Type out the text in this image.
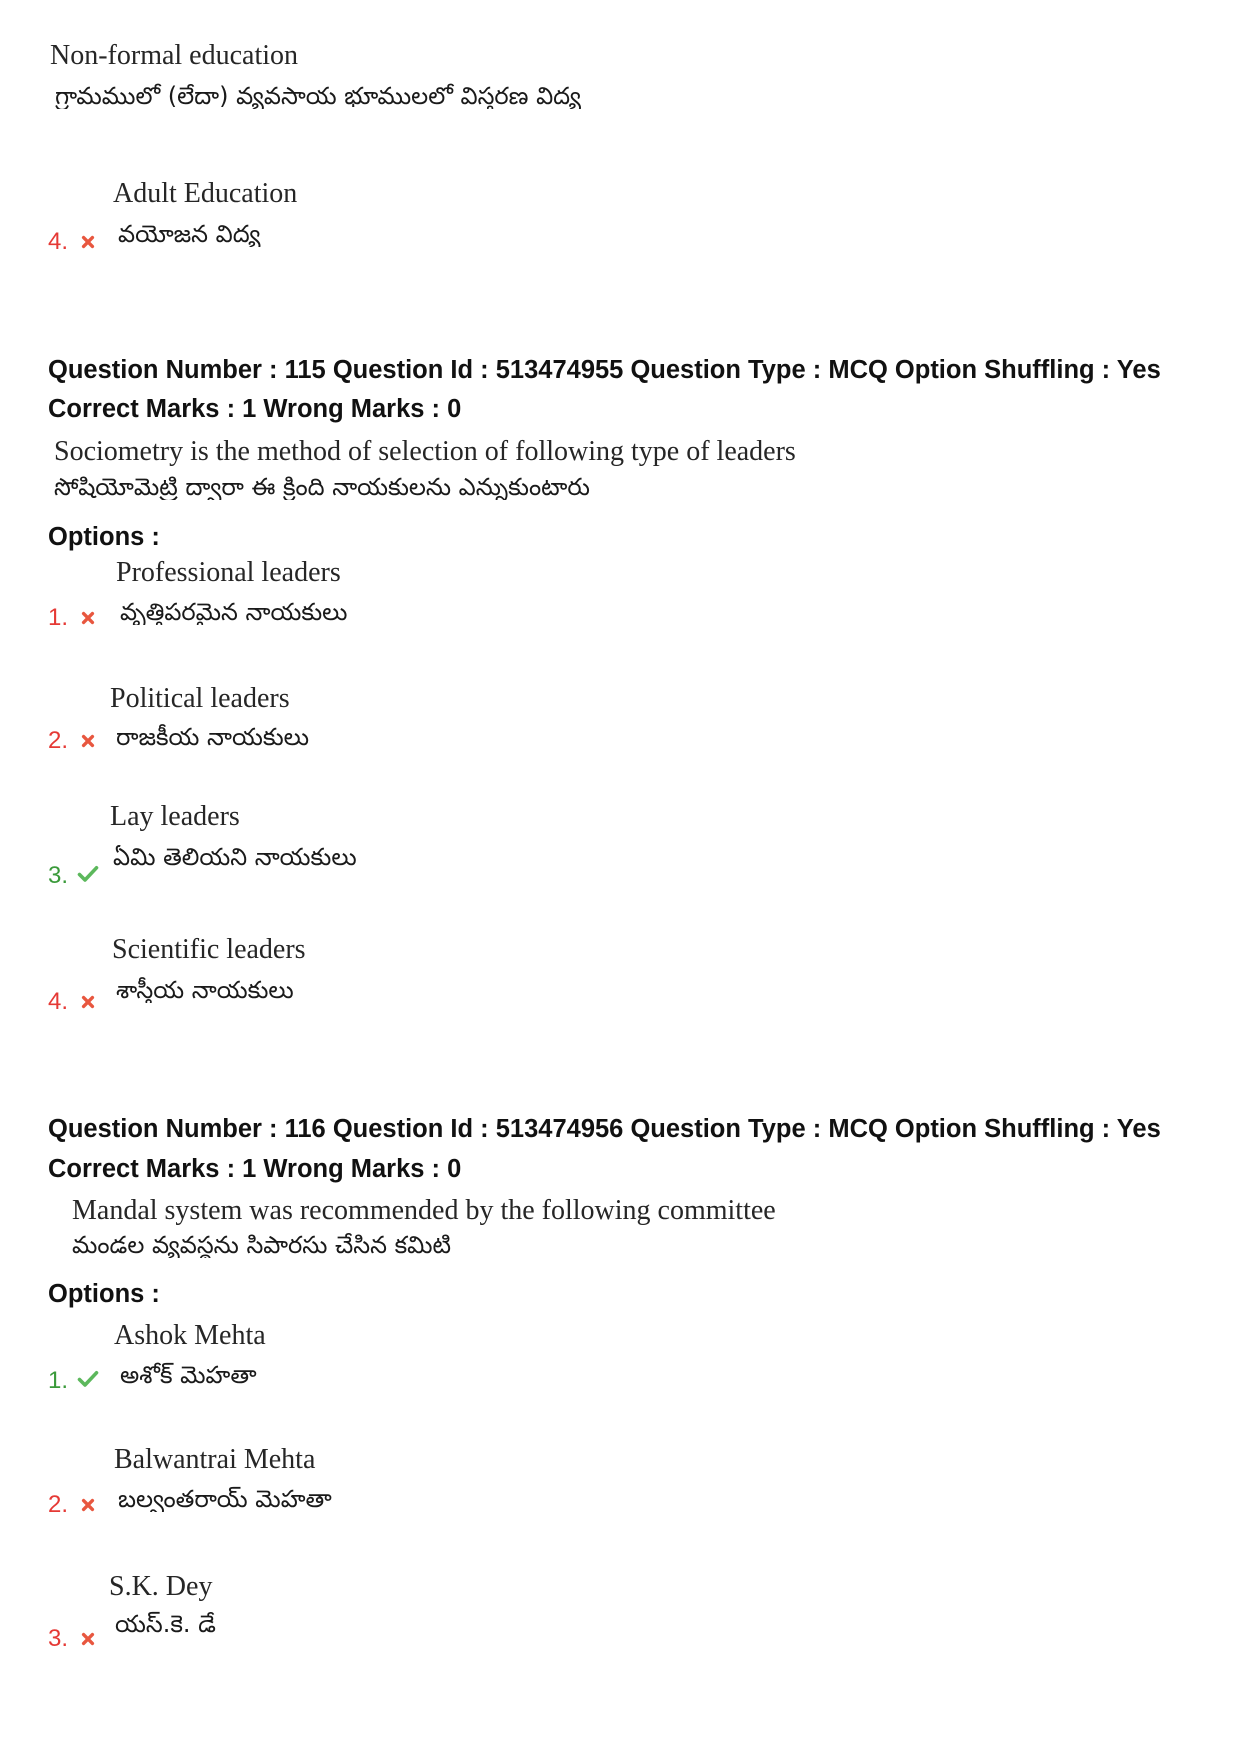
Non-formal education
గ్రామములో (లేదా) వ్యవసాయ భూములలో విస్తరణ విద్య
Adult Education
వయోజన విద్య
4.
Question Number : 115 Question Id : 513474955 Question Type : MCQ Option Shuffling : Yes
Correct Marks : 1 Wrong Marks : 0
Sociometry is the method of selection of following type of leaders
సోషియోమెట్రి ద్వారా ఈ క్రింది నాయకులను ఎన్నుకుంటారు
Options :
Professional leaders
వృత్తిపరమైన నాయకులు
1.
Political leaders
రాజకీయ నాయకులు
2.
Lay leaders
ఏమి తెలియని నాయకులు
3.
Scientific leaders
శాస్త్రీయ నాయకులు
4.
Question Number : 116 Question Id : 513474956 Question Type : MCQ Option Shuffling : Yes
Correct Marks : 1 Wrong Marks : 0
Mandal system was recommended by the following committee
మండల వ్యవస్థను సిపారసు చేసిన కమిటి
Options :
Ashok Mehta
అశోక్ మెహతా
1.
Balwantrai Mehta
బల్వంతరాయ్ మెహతా
2.
S.K. Dey
యస్.కె. డే
3.
